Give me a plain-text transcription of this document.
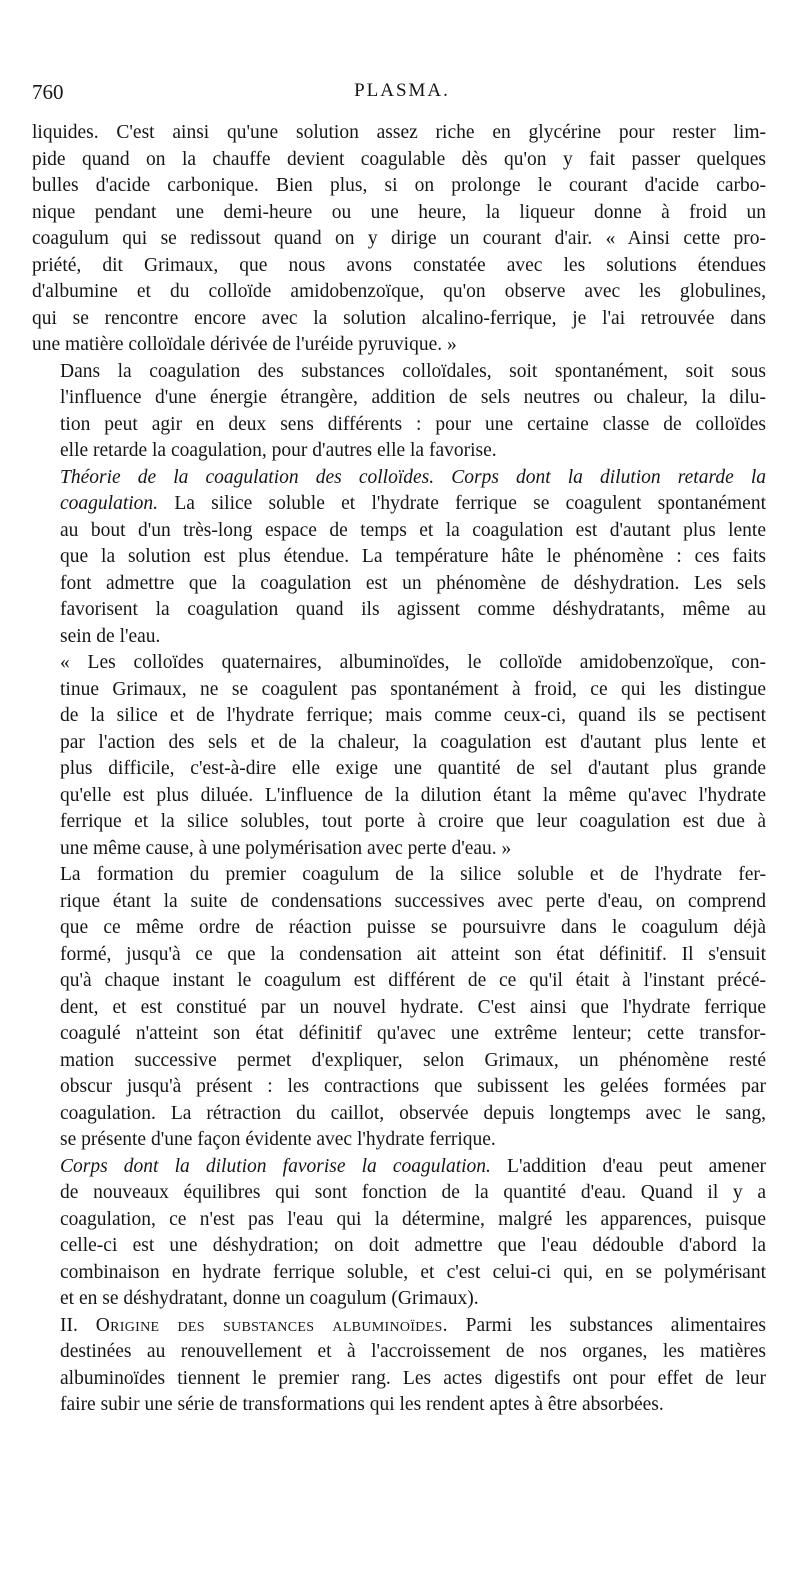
760	PLASMA.

liquides. C'est ainsi qu'une solution assez riche en glycérine pour rester lim-
pide quand on la chauffe devient coagulable dès qu'on y fait passer quelques
bulles d'acide carbonique. Bien plus, si on prolonge le courant d'acide carbo-
nique pendant une demi-heure ou une heure, la liqueur donne à froid un
coagulum qui se redissout quand on y dirige un courant d'air. « Ainsi cette pro-
priété, dit Grimaux, que nous avons constatée avec les solutions étendues
d'albumine et du colloïde amidobenzoïque, qu'on observe avec les globulines,
qui se rencontre encore avec la solution alcalino-ferrique, je l'ai retrouvée dans
une matière colloïdale dérivée de l'uréide pyruvique. »

Dans la coagulation des substances colloïdales, soit spontanément, soit sous
l'influence d'une énergie étrangère, addition de sels neutres ou chaleur, la dilu-
tion peut agir en deux sens différents : pour une certaine classe de colloïdes
elle retarde la coagulation, pour d'autres elle la favorise.

Théorie de la coagulation des colloïdes. Corps dont la dilution retarde la
coagulation. La silice soluble et l'hydrate ferrique se coagulent spontanément
au bout d'un très-long espace de temps et la coagulation est d'autant plus lente
que la solution est plus étendue. La température hâte le phénomène : ces faits
font admettre que la coagulation est un phénomène de déshydration. Les sels
favorisent la coagulation quand ils agissent comme déshydratants, même au
sein de l'eau.

« Les colloïdes quaternaires, albuminoïdes, le colloïde amidobenzoïque, con-
tinue Grimaux, ne se coagulent pas spontanément à froid, ce qui les distingue
de la silice et de l'hydrate ferrique; mais comme ceux-ci, quand ils se pectisent
par l'action des sels et de la chaleur, la coagulation est d'autant plus lente et
plus difficile, c'est-à-dire elle exige une quantité de sel d'autant plus grande
qu'elle est plus diluée. L'influence de la dilution étant la même qu'avec l'hydrate
ferrique et la silice solubles, tout porte à croire que leur coagulation est due à
une même cause, à une polymérisation avec perte d'eau. »

La formation du premier coagulum de la silice soluble et de l'hydrate fer-
rique étant la suite de condensations successives avec perte d'eau, on comprend
que ce même ordre de réaction puisse se poursuivre dans le coagulum déjà
formé, jusqu'à ce que la condensation ait atteint son état définitif. Il s'ensuit
qu'à chaque instant le coagulum est différent de ce qu'il était à l'instant précé-
dent, et est constitué par un nouvel hydrate. C'est ainsi que l'hydrate ferrique
coagulé n'atteint son état définitif qu'avec une extrême lenteur; cette transfor-
mation successive permet d'expliquer, selon Grimaux, un phénomène resté
obscur jusqu'à présent : les contractions que subissent les gelées formées par
coagulation. La rétraction du caillot, observée depuis longtemps avec le sang,
se présente d'une façon évidente avec l'hydrate ferrique.

Corps dont la dilution favorise la coagulation. L'addition d'eau peut amener
de nouveaux équilibres qui sont fonction de la quantité d'eau. Quand il y a
coagulation, ce n'est pas l'eau qui la détermine, malgré les apparences, puisque
celle-ci est une déshydration; on doit admettre que l'eau dédouble d'abord la
combinaison en hydrate ferrique soluble, et c'est celui-ci qui, en se polymérisant
et en se déshydratant, donne un coagulum (Grimaux).

II. Origine des substances albuminoïdes. Parmi les substances alimentaires
destinées au renouvellement et à l'accroissement de nos organes, les matières
albuminoïdes tiennent le premier rang. Les actes digestifs ont pour effet de leur
faire subir une série de transformations qui les rendent aptes à être absorbées.
